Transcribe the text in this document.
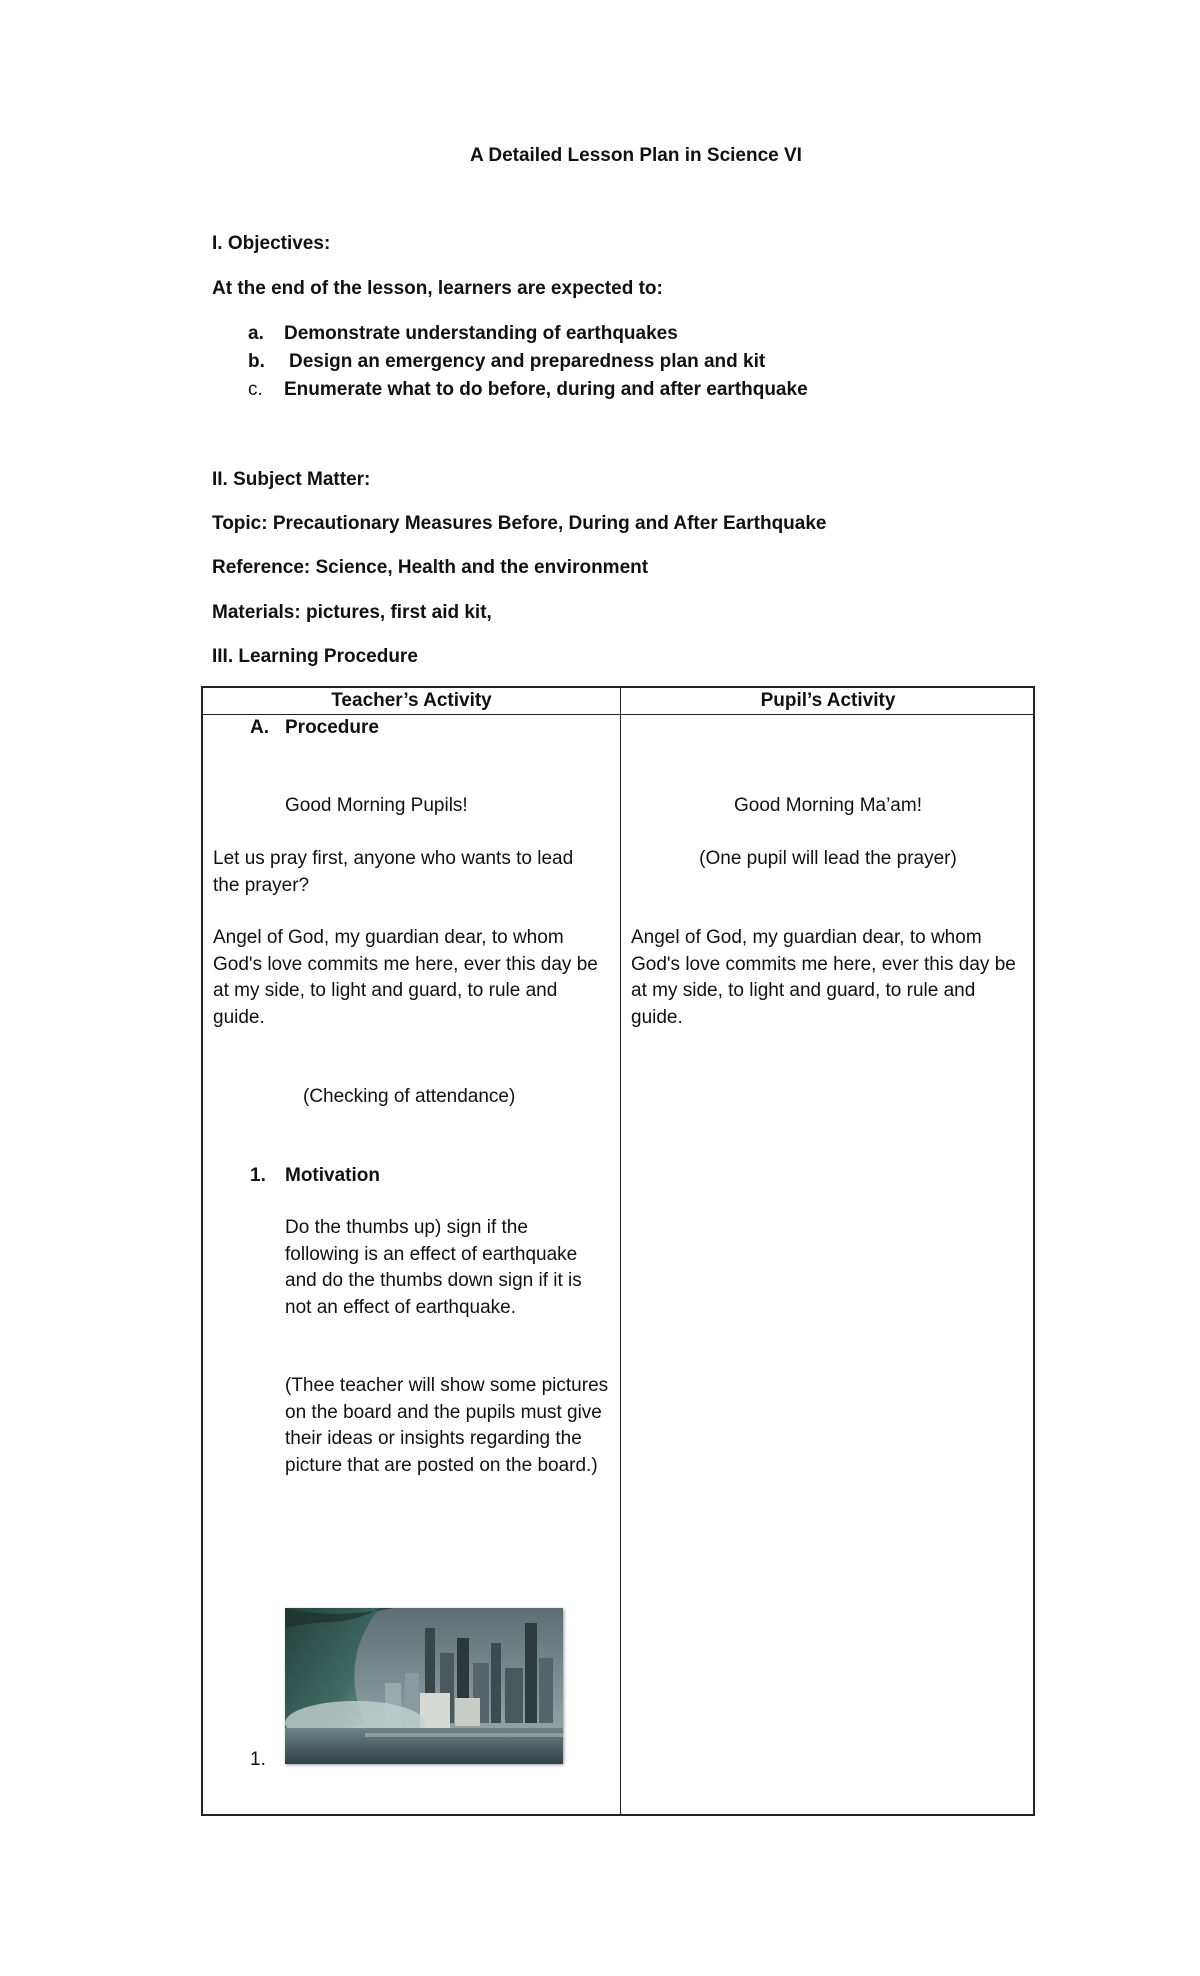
A Detailed Lesson Plan in Science VI
I. Objectives:
At the end of the lesson, learners are expected to:
a. Demonstrate understanding of earthquakes
b. Design an emergency and preparedness plan and kit
c. Enumerate what to do before, during and after earthquake
II. Subject Matter:
Topic: Precautionary Measures Before, During and After Earthquake
Reference: Science, Health and the environment
Materials: pictures, first aid kit,
III. Learning Procedure
Teacher’s Activity	Pupil’s Activity
A. Procedure
Good Morning Pupils!
Let us pray first, anyone who wants to lead the prayer?
Angel of God, my guardian dear, to whom God's love commits me here, ever this day be at my side, to light and guard, to rule and guide.
(Checking of attendance)
1. Motivation
Do the thumbs up) sign if the following is an effect of earthquake and do the thumbs down sign if it is not an effect of earthquake.
(Thee teacher will show some pictures on the board and the pupils must give their ideas or insights regarding the picture that are posted on the board.)
1.
Good Morning Ma’am!
(One pupil will lead the prayer)
Angel of God, my guardian dear, to whom God's love commits me here, ever this day be at my side, to light and guard, to rule and guide.
